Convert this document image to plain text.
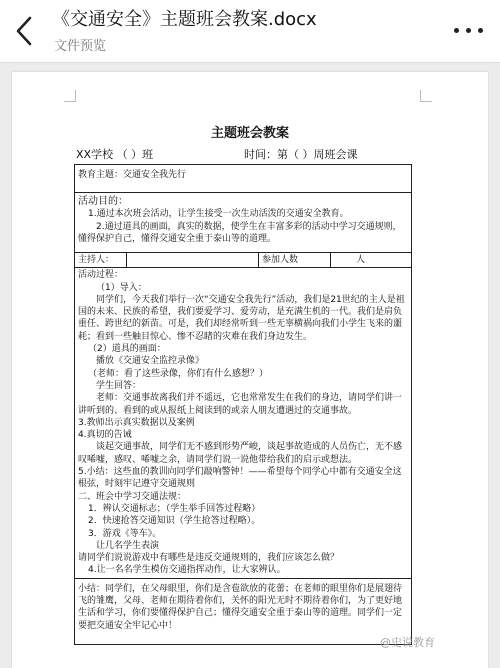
《交通安全》主题班会教案.docx
文件预览
主题班会教案
XX学校 （ ）班	时间：第（ ）周班会课
教育主题：交通安全我先行

活动目的：
1.通过本次班会活动，让学生接受一次生动活泼的交通安全教育。
2.通过道具的画面，真实的数据，使学生在丰富多彩的活动中学习交通规则，懂得保护自己，懂得交通安全重于泰山等的道理。

主持人：		参加人数	人

活动过程：
（1）导入：
同学们，今天我们举行一次“交通安全我先行”活动，我们是21世纪的主人是祖国的未来、民族的希望，我们要爱学习、爱劳动，是充满生机的一代。我们是肩负重任、跨世纪的新苗。可是，我们却经常听到一些无辜横祸向我们小学生飞来的噩耗；看到一些触目惊心、惨不忍睹的灾难在我们身边发生。
（2）道具的画面：
播放《交通安全监控录像》
（老师：看了这些录像，你们有什么感想？）
学生回答：
老师：交通事故离我们并不遥远，它也常常发生在我们的身边，请同学们讲一讲听到的、看到的或从报纸上阅读到的或亲人朋友遭遇过的交通事故。
3.教师出示真实数据以及案例
4.真切的告诫
谈起交通事故，同学们无不感到形势严峻，谈起事故造成的人员伤亡，无不感叹唏嘘，感叹、唏嘘之余，请同学们说一说他带给我们的启示或想法。
5.小结：这些血的教训向同学们敲响警钟！——希望每个同学心中都有交通安全这根弦，时刻牢记遵守交通规则
二、班会中学习交通法规：
1．辨认交通标志；（学生举手回答过程略）
2．快速抢答交通知识（学生抢答过程略）。
3．游戏《等车》。
让几名学生表演
请同学们说说游戏中有哪些是违反交通规则的，我们应该怎么做？
4.让一名名学生模仿交通指挥动作，让大家辨认。

小结：同学们，在父母眼里，你们是含苞欲放的花蕾；在老师的眼里你们是展翅待飞的雏鹰，父母、老师在期待着你们，关怀的阳光无时不期待着你们，为了更好地生活和学习，你们要懂得保护自己；懂得交通安全重于泰山等的道理。同学们一定要把交通安全牢记心中！
@史说教育
